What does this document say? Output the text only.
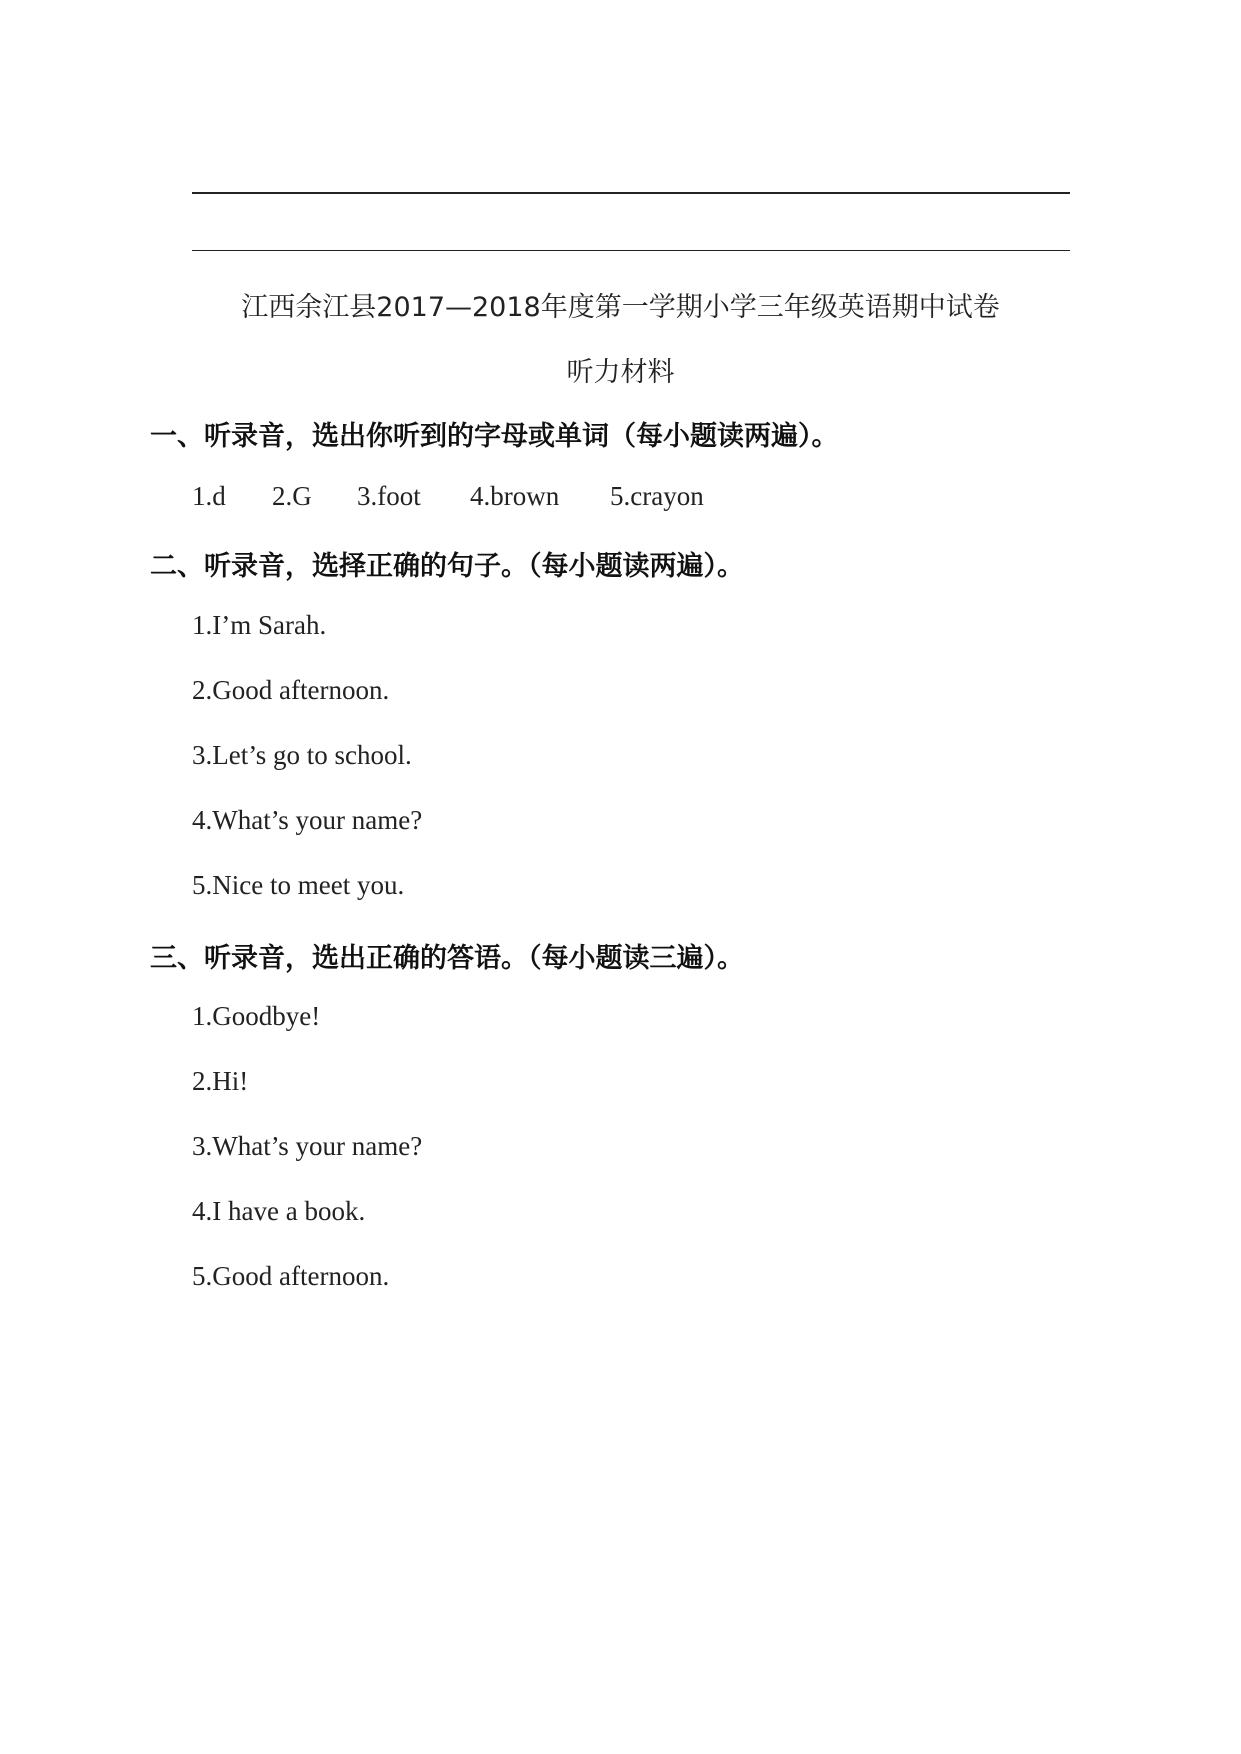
江西余江县2017—2018年度第一学期小学三年级英语期中试卷
听力材料
一、听录音，选出你听到的字母或单词（每小题读两遍）。
1.d 2.G 3.foot 4.brown 5.crayon
二、听录音，选择正确的句子。（每小题读两遍）。
1.I’m Sarah.
2.Good afternoon.
3.Let’s go to school.
4.What’s your name?
5.Nice to meet you.
三、听录音，选出正确的答语。（每小题读三遍）。
1.Goodbye!
2.Hi!
3.What’s your name?
4.I have a book.
5.Good afternoon.
